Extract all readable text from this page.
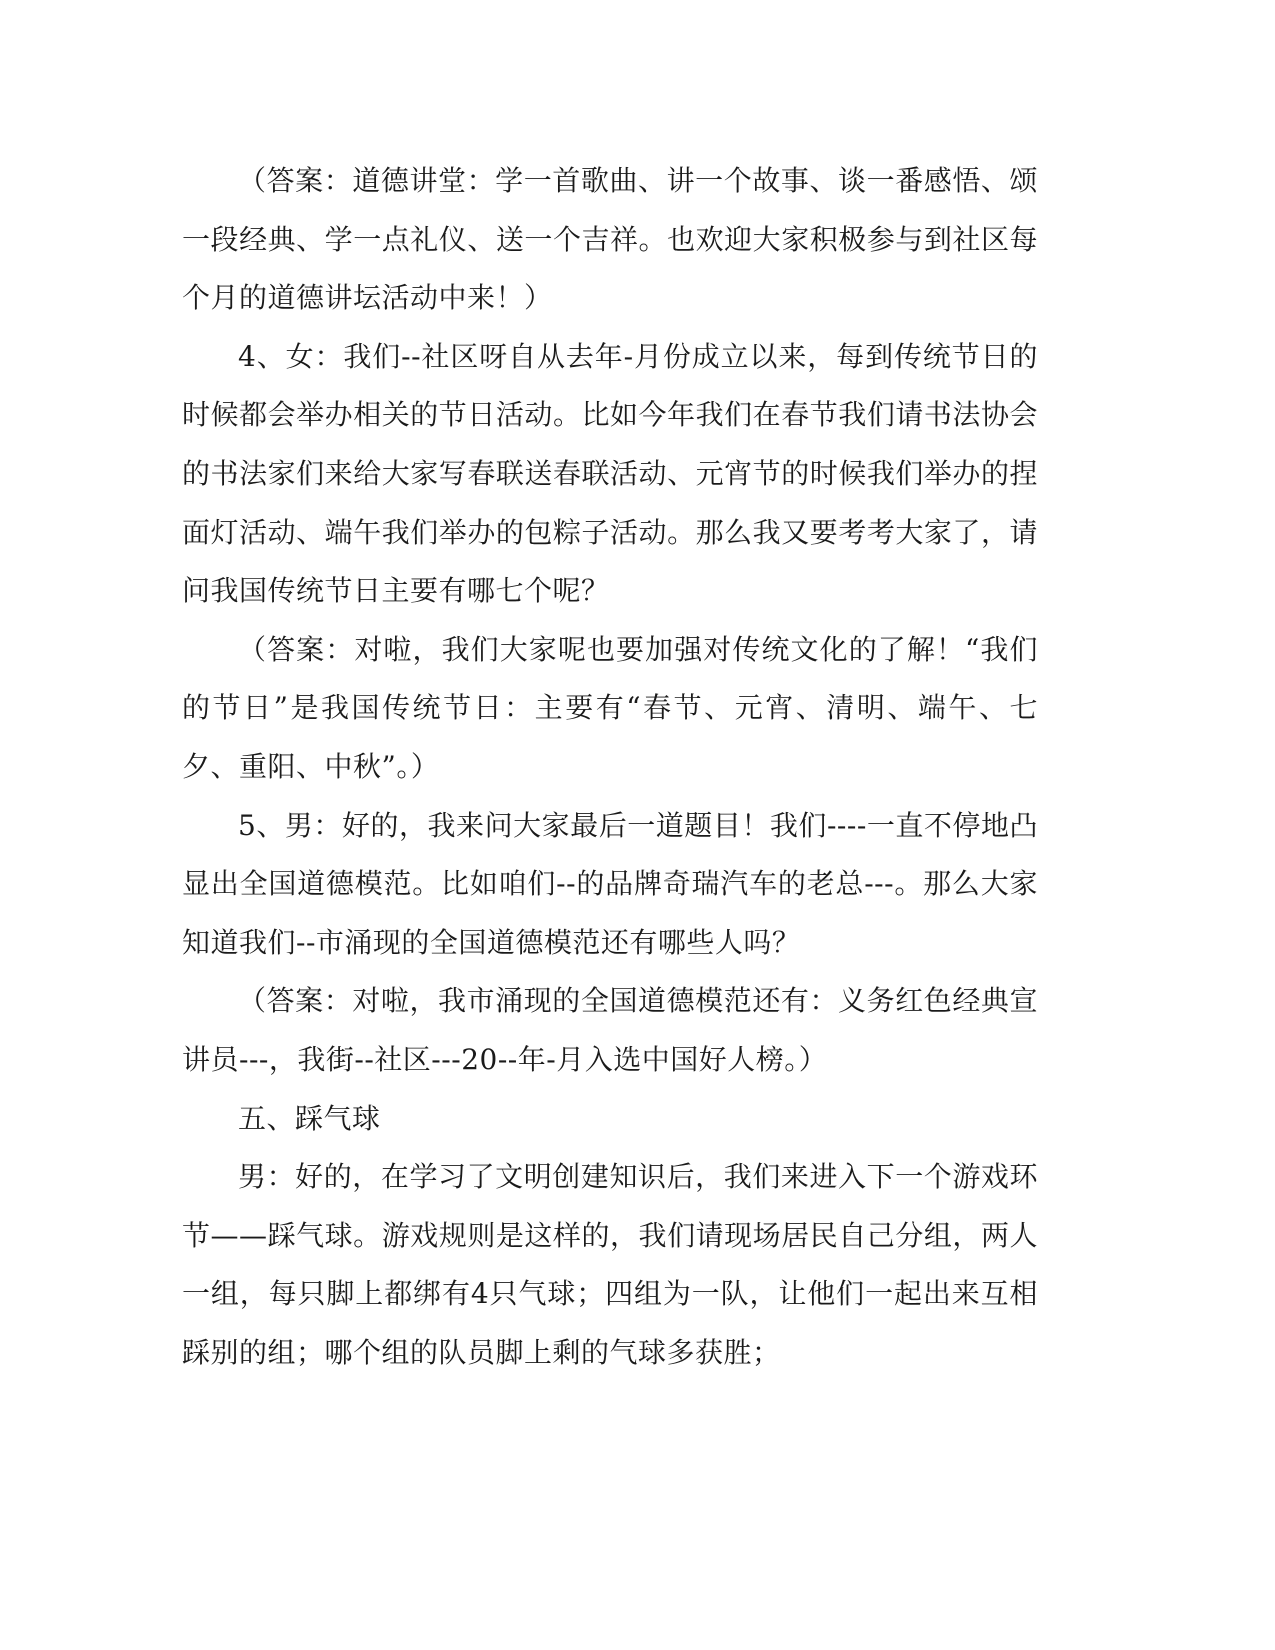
（答案：道德讲堂：学一首歌曲、讲一个故事、谈一番感悟、颂一段经典、学一点礼仪、送一个吉祥。也欢迎大家积极参与到社区每个月的道德讲坛活动中来！）

4、女：我们--社区呀自从去年-月份成立以来，每到传统节日的时候都会举办相关的节日活动。比如今年我们在春节我们请书法协会的书法家们来给大家写春联送春联活动、元宵节的时候我们举办的捏面灯活动、端午我们举办的包粽子活动。那么我又要考考大家了，请问我国传统节日主要有哪七个呢？

（答案：对啦，我们大家呢也要加强对传统文化的了解！“我们的节日”是我国传统节日：主要有“春节、元宵、清明、端午、七夕、重阳、中秋”。）

5、男：好的，我来问大家最后一道题目！我们----一直不停地凸显出全国道德模范。比如咱们--的品牌奇瑞汽车的老总---。那么大家知道我们--市涌现的全国道德模范还有哪些人吗？

（答案：对啦，我市涌现的全国道德模范还有：义务红色经典宣讲员---，我街--社区---20--年-月入选中国好人榜。）

五、踩气球

男：好的，在学习了文明创建知识后，我们来进入下一个游戏环节——踩气球。游戏规则是这样的，我们请现场居民自己分组，两人一组，每只脚上都绑有4只气球；四组为一队，让他们一起出来互相踩别的组；哪个组的队员脚上剩的气球多获胜；
